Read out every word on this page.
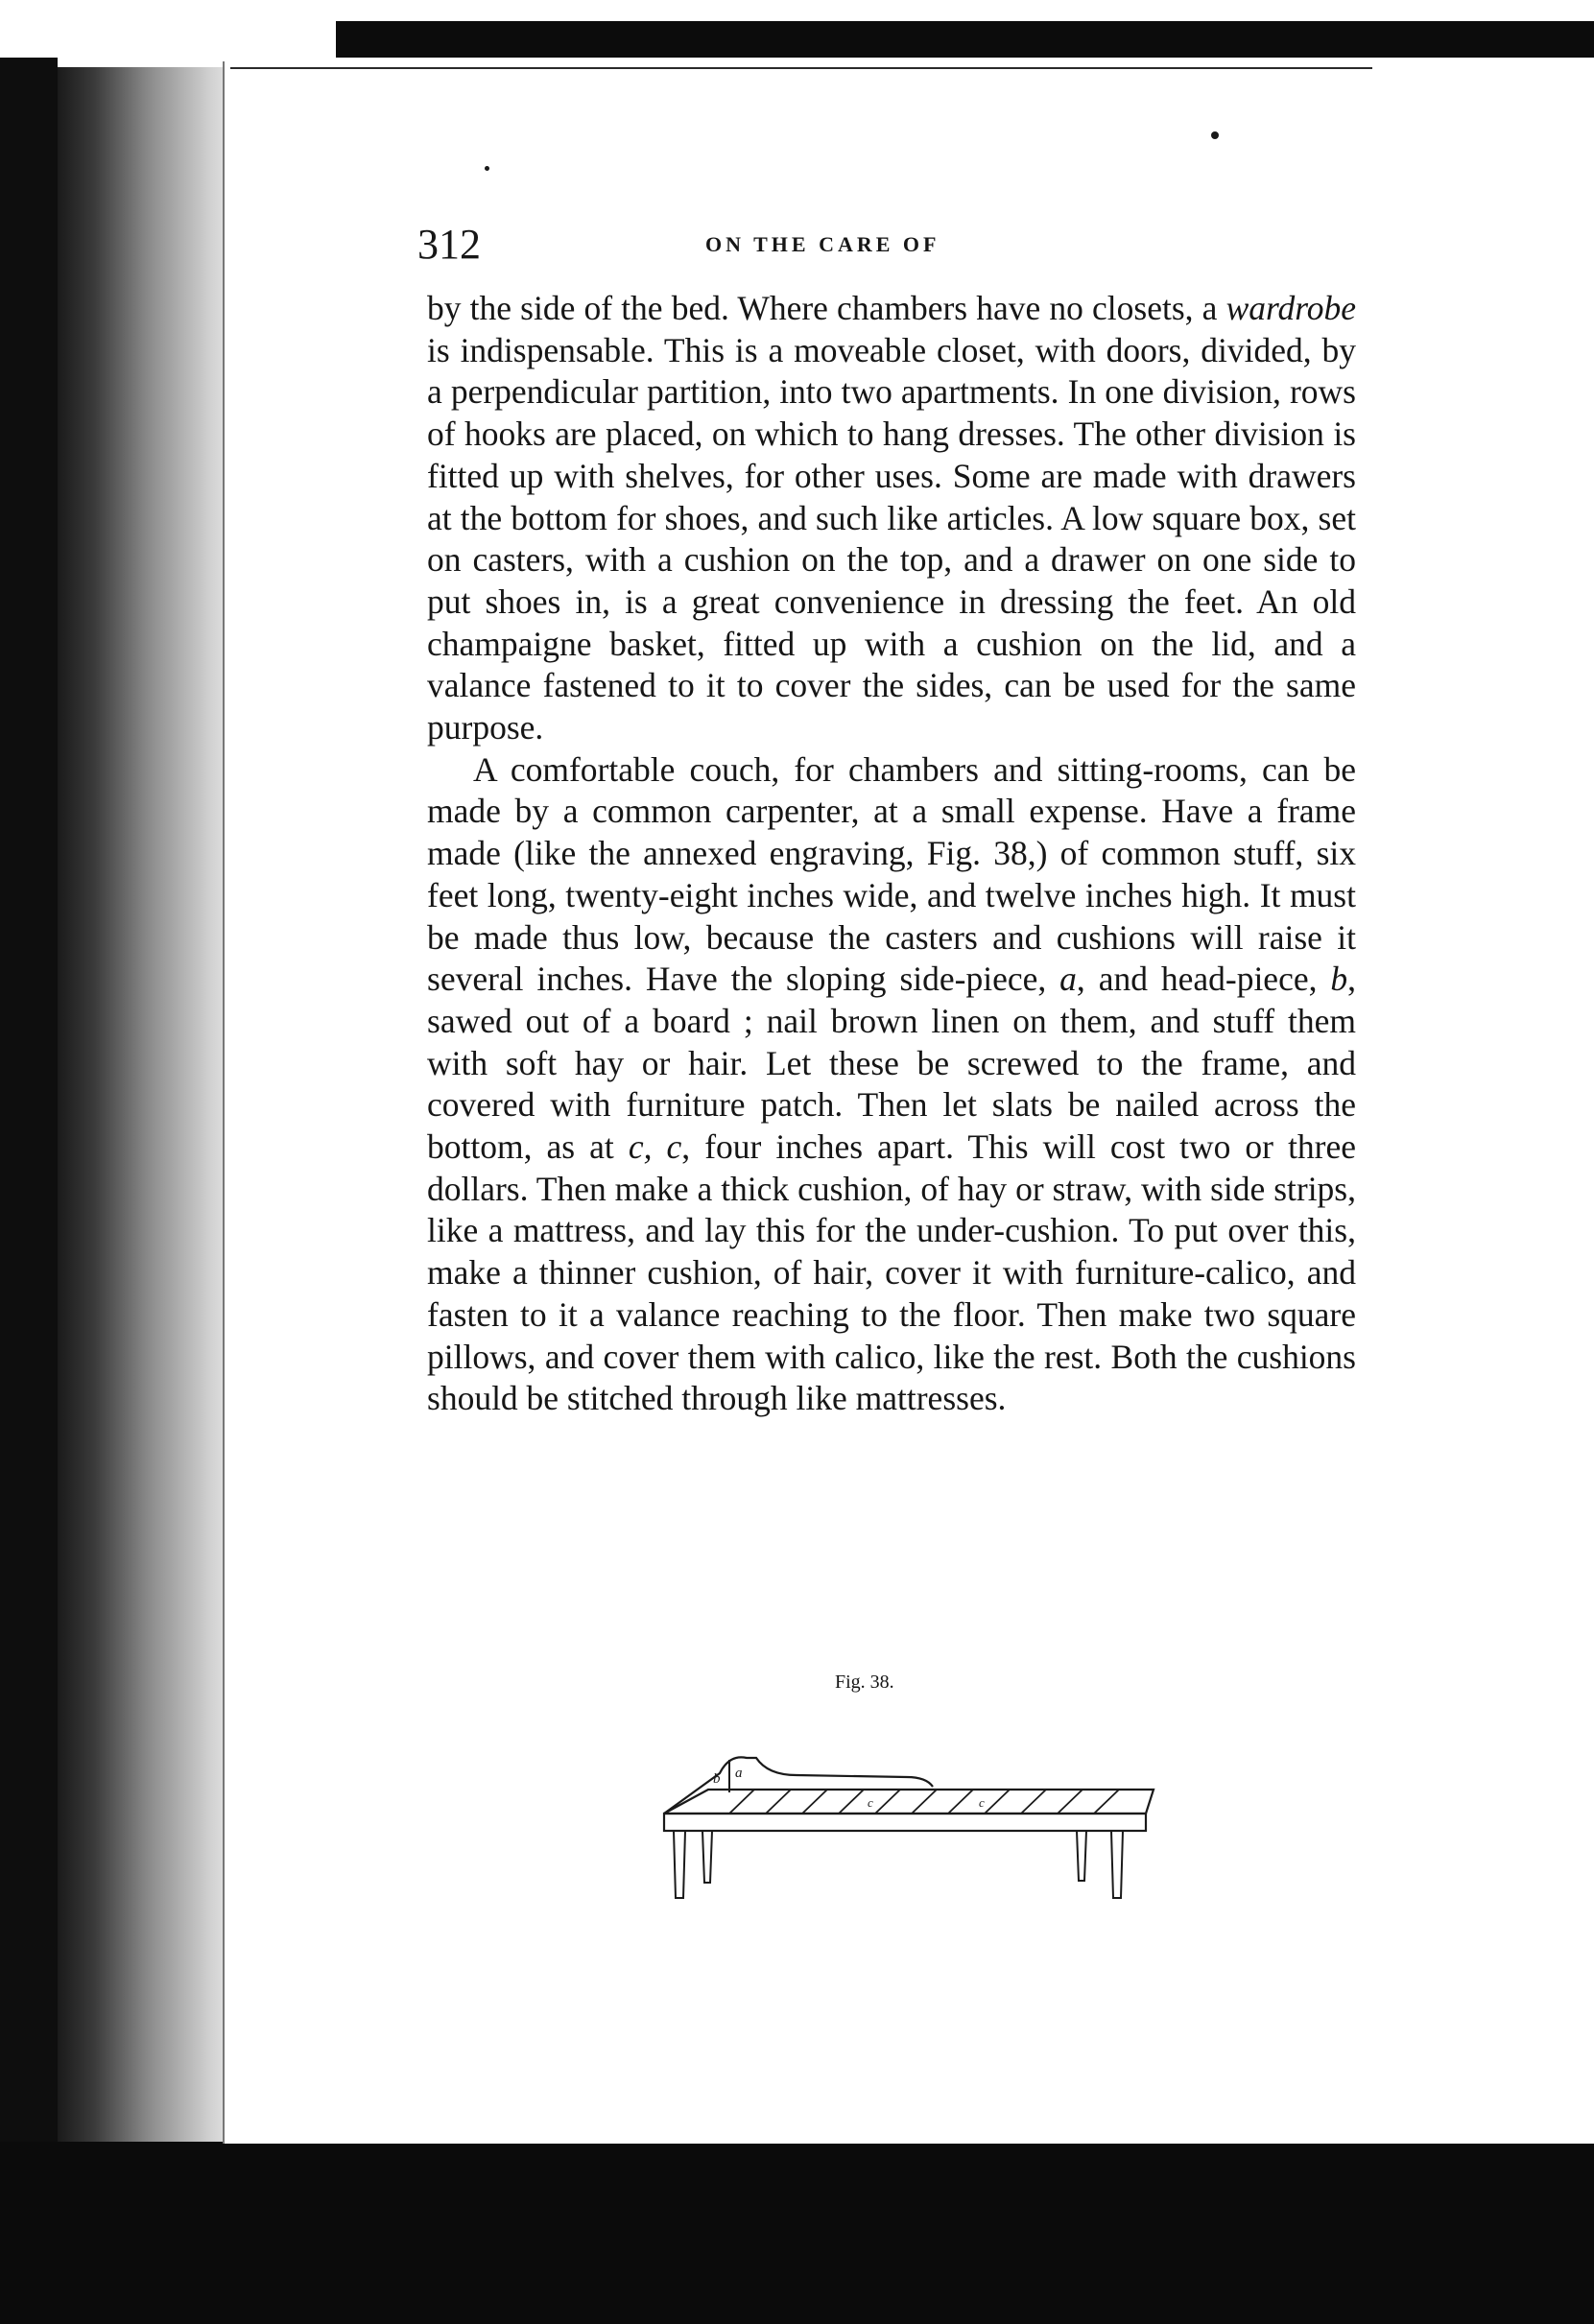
312	ON THE CARE OF

by the side of the bed. Where chambers have no closets, a wardrobe is indispensable. This is a moveable closet, with doors, divided, by a perpendicular partition, into two apartments. In one division, rows of hooks are placed, on which to hang dresses. The other division is fitted up with shelves, for other uses. Some are made with drawers at the bottom for shoes, and such like articles. A low square box, set on casters, with a cushion on the top, and a drawer on one side to put shoes in, is a great convenience in dressing the feet. An old champaigne basket, fitted up with a cushion on the lid, and a valance fastened to it to cover the sides, can be used for the same purpose.

A comfortable couch, for chambers and sitting-rooms, can be made by a common carpenter, at a small expense. Have a frame made (like the annexed engraving, Fig. 38,) of common stuff, six feet long, twenty-eight inches wide, and twelve inches high. It must be made thus low, because the casters and cushions will raise it several inches. Have the sloping side-piece, a, and head-piece, b, sawed out of a board ; nail brown linen on them, and stuff them with soft hay or hair. Let these be screwed to the frame, and covered with furniture patch. Then let slats be nailed across the bottom, as at c, c, four inches apart. This will cost two or three dollars. Then make a thick cushion, of hay or straw, with side strips, like a mattress, and lay this for the under-cushion. To put over this, make a thinner cushion, of hair, cover it with furniture-calico, and fasten to it a valance reaching to the floor. Then make two square pillows, and cover them with calico, like the rest. Both the cushions should be stitched through like mattresses.

Fig. 38.
b a
c	c
